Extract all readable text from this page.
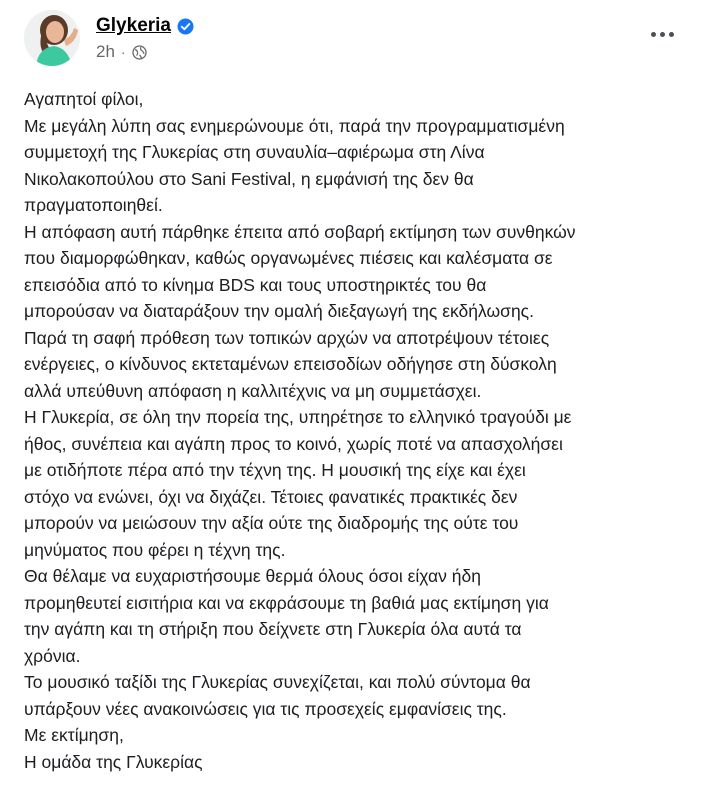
Glykeria
2h ·

Αγαπητοί φίλοι,

Με μεγάλη λύπη σας ενημερώνουμε ότι, παρά την προγραμματισμένη

συμμετοχή της Γλυκερίας στη συναυλία–αφιέρωμα στη Λίνα

Νικολακοπούλου στο Sani Festival, η εμφάνισή της δεν θα

πραγματοποιηθεί.

Η απόφαση αυτή πάρθηκε έπειτα από σοβαρή εκτίμηση των συνθηκών

που διαμορφώθηκαν, καθώς οργανωμένες πιέσεις και καλέσματα σε

επεισόδια από το κίνημα BDS και τους υποστηρικτές του θα

μπορούσαν να διαταράξουν την ομαλή διεξαγωγή της εκδήλωσης.

Παρά τη σαφή πρόθεση των τοπικών αρχών να αποτρέψουν τέτοιες

ενέργειες, ο κίνδυνος εκτεταμένων επεισοδίων οδήγησε στη δύσκολη

αλλά υπεύθυνη απόφαση η καλλιτέχνις να μη συμμετάσχει.

Η Γλυκερία, σε όλη την πορεία της, υπηρέτησε το ελληνικό τραγούδι με

ήθος, συνέπεια και αγάπη προς το κοινό, χωρίς ποτέ να απασχολήσει

με οτιδήποτε πέρα από την τέχνη της. Η μουσική της είχε και έχει

στόχο να ενώνει, όχι να διχάζει. Τέτοιες φανατικές πρακτικές δεν

μπορούν να μειώσουν την αξία ούτε της διαδρομής της ούτε του

μηνύματος που φέρει η τέχνη της.

Θα θέλαμε να ευχαριστήσουμε θερμά όλους όσοι είχαν ήδη

προμηθευτεί εισιτήρια και να εκφράσουμε τη βαθιά μας εκτίμηση για

την αγάπη και τη στήριξη που δείχνετε στη Γλυκερία όλα αυτά τα

χρόνια.

Το μουσικό ταξίδι της Γλυκερίας συνεχίζεται, και πολύ σύντομα θα

υπάρξουν νέες ανακοινώσεις για τις προσεχείς εμφανίσεις της.

Με εκτίμηση,

Η ομάδα της Γλυκερίας
